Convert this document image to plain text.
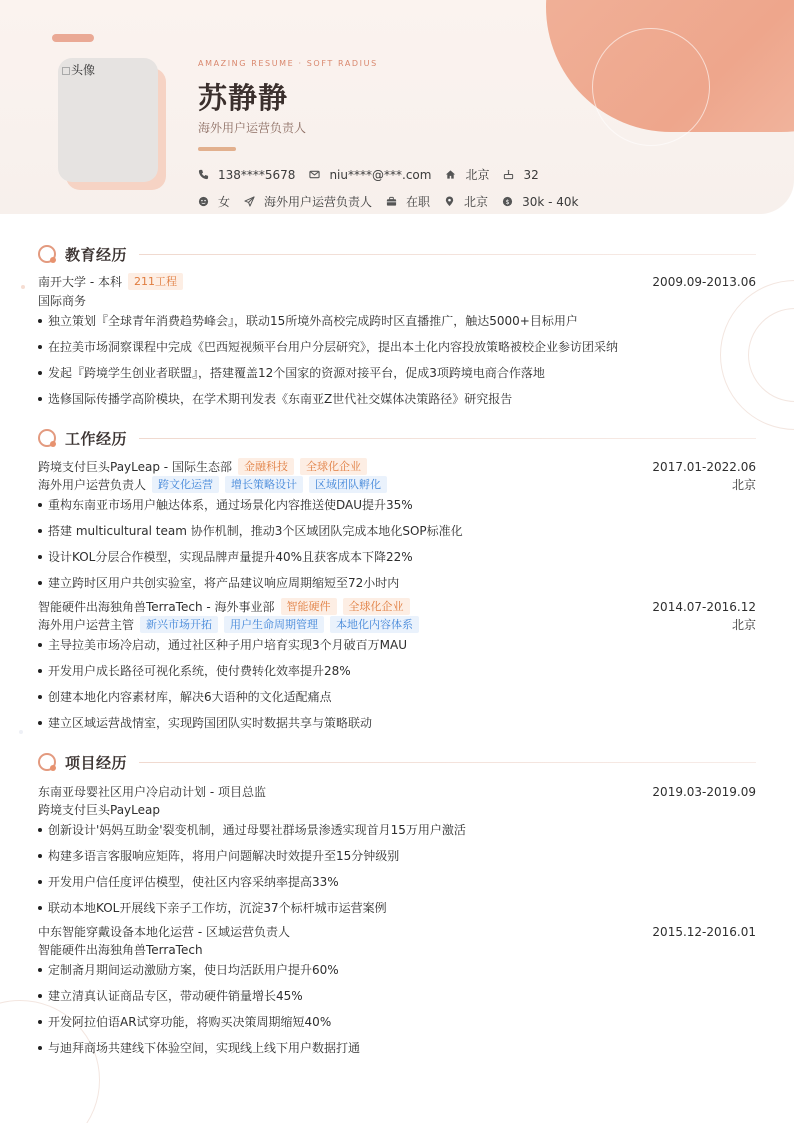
头像	AMAZING RESUME · SOFT RADIUS
苏静静
海外用户运营负责人
138****5678	niu****@***.com	北京	32
女	海外用户运营负责人	在职	北京 $ 30k - 40k
教育经历
南开大学 - 本科	211工程	2009.09-2013.06
国际商务
独立策划『全球青年消费趋势峰会』，联动15所境外高校完成跨时区直播推广，触达5000+目标用户
在拉美市场洞察课程中完成《巴西短视频平台用户分层研究》，提出本土化内容投放策略被校企业参访团采纳
发起『跨境学生创业者联盟』，搭建覆盖12个国家的资源对接平台，促成3项跨境电商合作落地
选修国际传播学高阶模块，在学术期刊发表《东南亚Z世代社交媒体决策路径》研究报告
工作经历
跨境支付巨头PayLeap - 国际生态部	金融科技	全球化企业	2017.01-2022.06
海外用户运营负责人	跨文化运营	增长策略设计	区域团队孵化	北京
重构东南亚市场用户触达体系，通过场景化内容推送使DAU提升35%
搭建 multicultural team 协作机制，推动3个区域团队完成本地化SOP标准化
设计KOL分层合作模型，实现品牌声量提升40%且获客成本下降22%
建立跨时区用户共创实验室，将产品建议响应周期缩短至72小时内
智能硬件出海独角兽TerraTech - 海外事业部	智能硬件	全球化企业	2014.07-2016.12
海外用户运营主管	新兴市场开拓	用户生命周期管理	本地化内容体系	北京
主导拉美市场冷启动，通过社区种子用户培育实现3个月破百万MAU
开发用户成长路径可视化系统，使付费转化效率提升28%
创建本地化内容素材库，解决6大语种的文化适配痛点
建立区域运营战情室，实现跨国团队实时数据共享与策略联动
项目经历
东南亚母婴社区用户冷启动计划 - 项目总监	2019.03-2019.09
跨境支付巨头PayLeap
创新设计'妈妈互助金'裂变机制，通过母婴社群场景渗透实现首月15万用户激活
构建多语言客服响应矩阵，将用户问题解决时效提升至15分钟级别
开发用户信任度评估模型，使社区内容采纳率提高33%
联动本地KOL开展线下亲子工作坊，沉淀37个标杆城市运营案例
中东智能穿戴设备本地化运营 - 区域运营负责人	2015.12-2016.01
智能硬件出海独角兽TerraTech
定制斋月期间运动激励方案，使日均活跃用户提升60%
建立清真认证商品专区，带动硬件销量增长45%
开发阿拉伯语AR试穿功能，将购买决策周期缩短40%
与迪拜商场共建线下体验空间，实现线上线下用户数据打通
